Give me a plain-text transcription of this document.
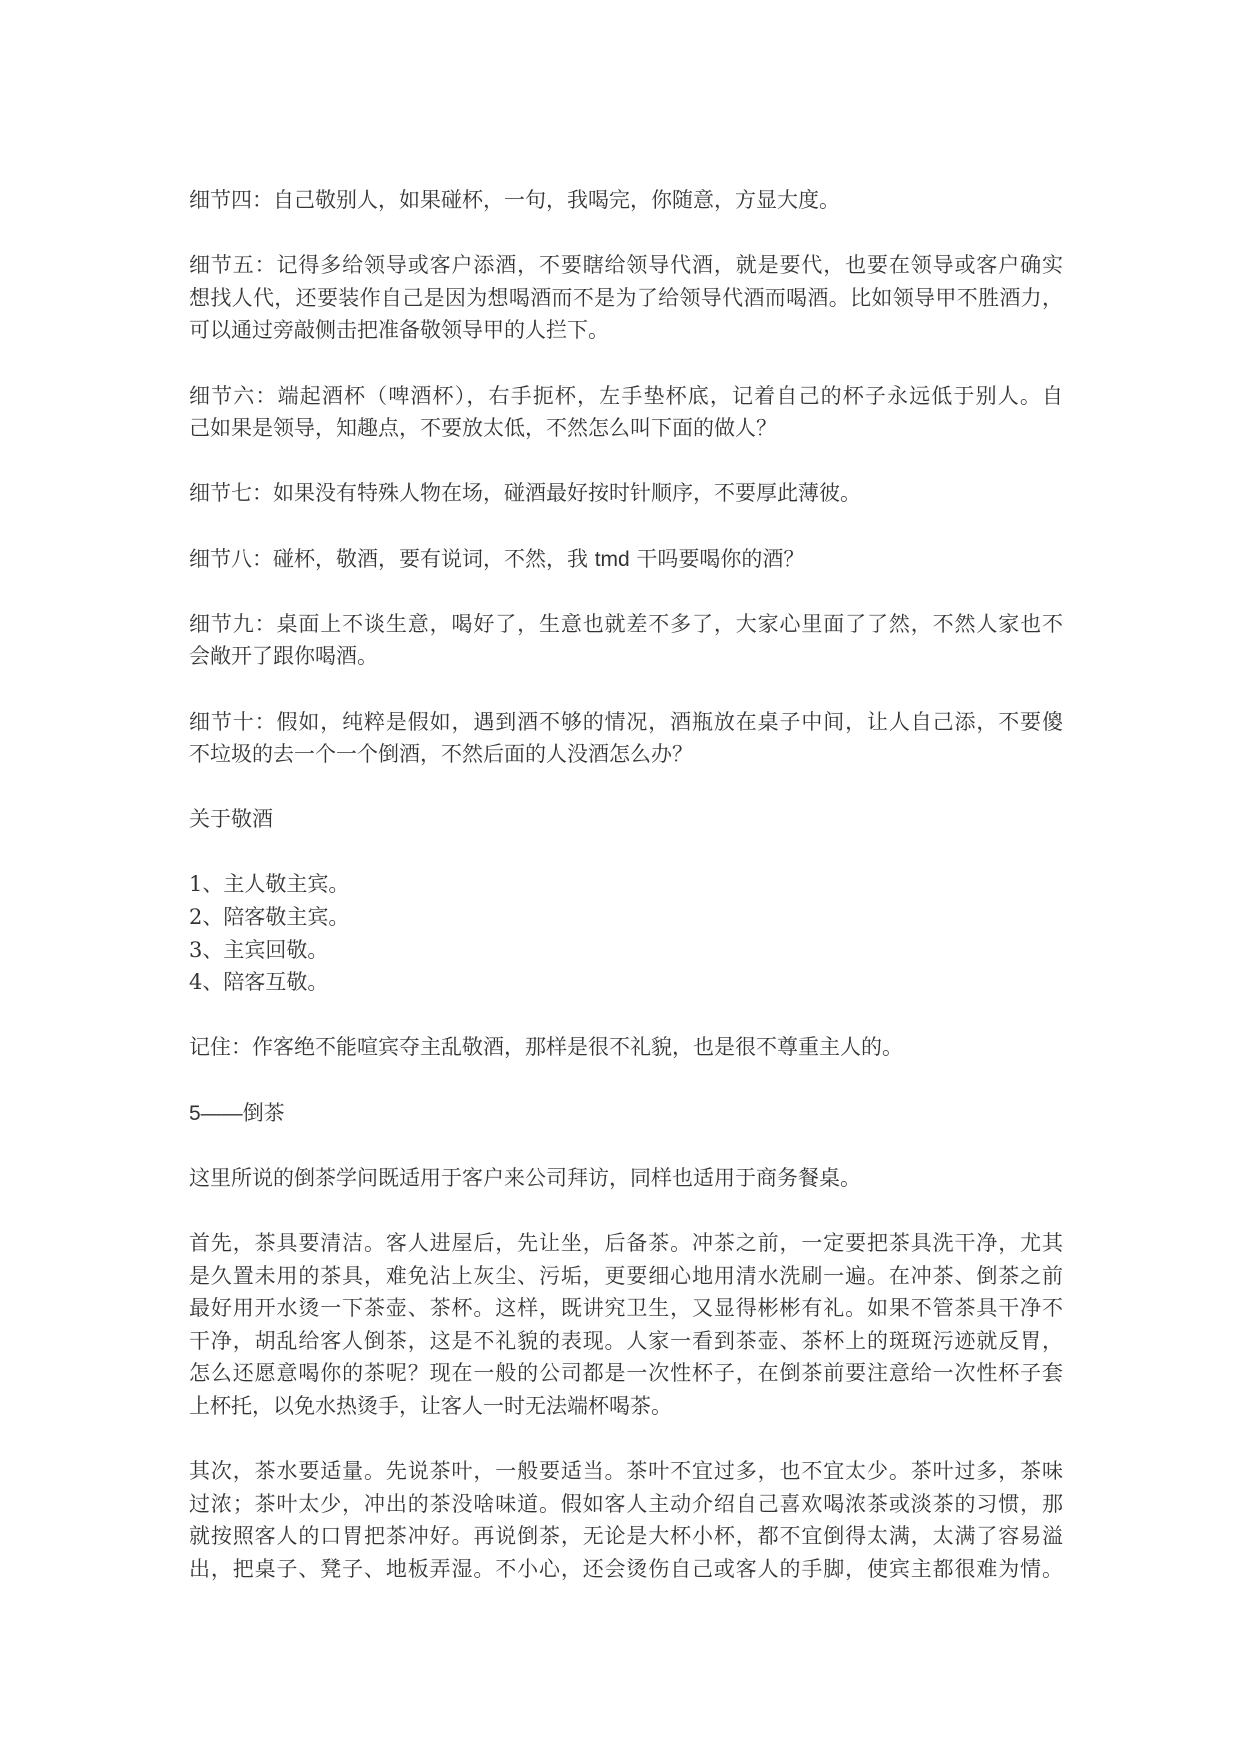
细节四：自己敬别人，如果碰杯，一句，我喝完，你随意，方显大度。
细节五：记得多给领导或客户添酒，不要瞎给领导代酒，就是要代，也要在领导或客户确实
想找人代，还要装作自己是因为想喝酒而不是为了给领导代酒而喝酒。比如领导甲不胜酒力，
可以通过旁敲侧击把准备敬领导甲的人拦下。
细节六：端起酒杯（啤酒杯），右手扼杯，左手垫杯底，记着自己的杯子永远低于别人。自
己如果是领导，知趣点，不要放太低，不然怎么叫下面的做人？
细节七：如果没有特殊人物在场，碰酒最好按时针顺序，不要厚此薄彼。
细节八：碰杯，敬酒，要有说词，不然，我 tmd 干吗要喝你的酒？
细节九：桌面上不谈生意，喝好了，生意也就差不多了，大家心里面了了然，不然人家也不
会敞开了跟你喝酒。
细节十：假如，纯粹是假如，遇到酒不够的情况，酒瓶放在桌子中间，让人自己添，不要傻
不垃圾的去一个一个倒酒，不然后面的人没酒怎么办？
关于敬酒
1、主人敬主宾。
2、陪客敬主宾。
3、主宾回敬。
4、陪客互敬。
记住：作客绝不能喧宾夺主乱敬酒，那样是很不礼貌，也是很不尊重主人的。
5——倒茶
这里所说的倒茶学问既适用于客户来公司拜访，同样也适用于商务餐桌。
首先，茶具要清洁。客人进屋后，先让坐，后备茶。冲茶之前，一定要把茶具洗干净，尤其
是久置未用的茶具，难免沾上灰尘、污垢，更要细心地用清水洗刷一遍。在冲茶、倒茶之前
最好用开水烫一下茶壶、茶杯。这样，既讲究卫生，又显得彬彬有礼。如果不管茶具干净不
干净，胡乱给客人倒茶，这是不礼貌的表现。人家一看到茶壶、茶杯上的斑斑污迹就反胃，
怎么还愿意喝你的茶呢？现在一般的公司都是一次性杯子，在倒茶前要注意给一次性杯子套
上杯托，以免水热烫手，让客人一时无法端杯喝茶。
其次，茶水要适量。先说茶叶，一般要适当。茶叶不宜过多，也不宜太少。茶叶过多，茶味
过浓；茶叶太少，冲出的茶没啥味道。假如客人主动介绍自己喜欢喝浓茶或淡茶的习惯，那
就按照客人的口胃把茶冲好。再说倒茶，无论是大杯小杯，都不宜倒得太满，太满了容易溢
出，把桌子、凳子、地板弄湿。不小心，还会烫伤自己或客人的手脚，使宾主都很难为情。
